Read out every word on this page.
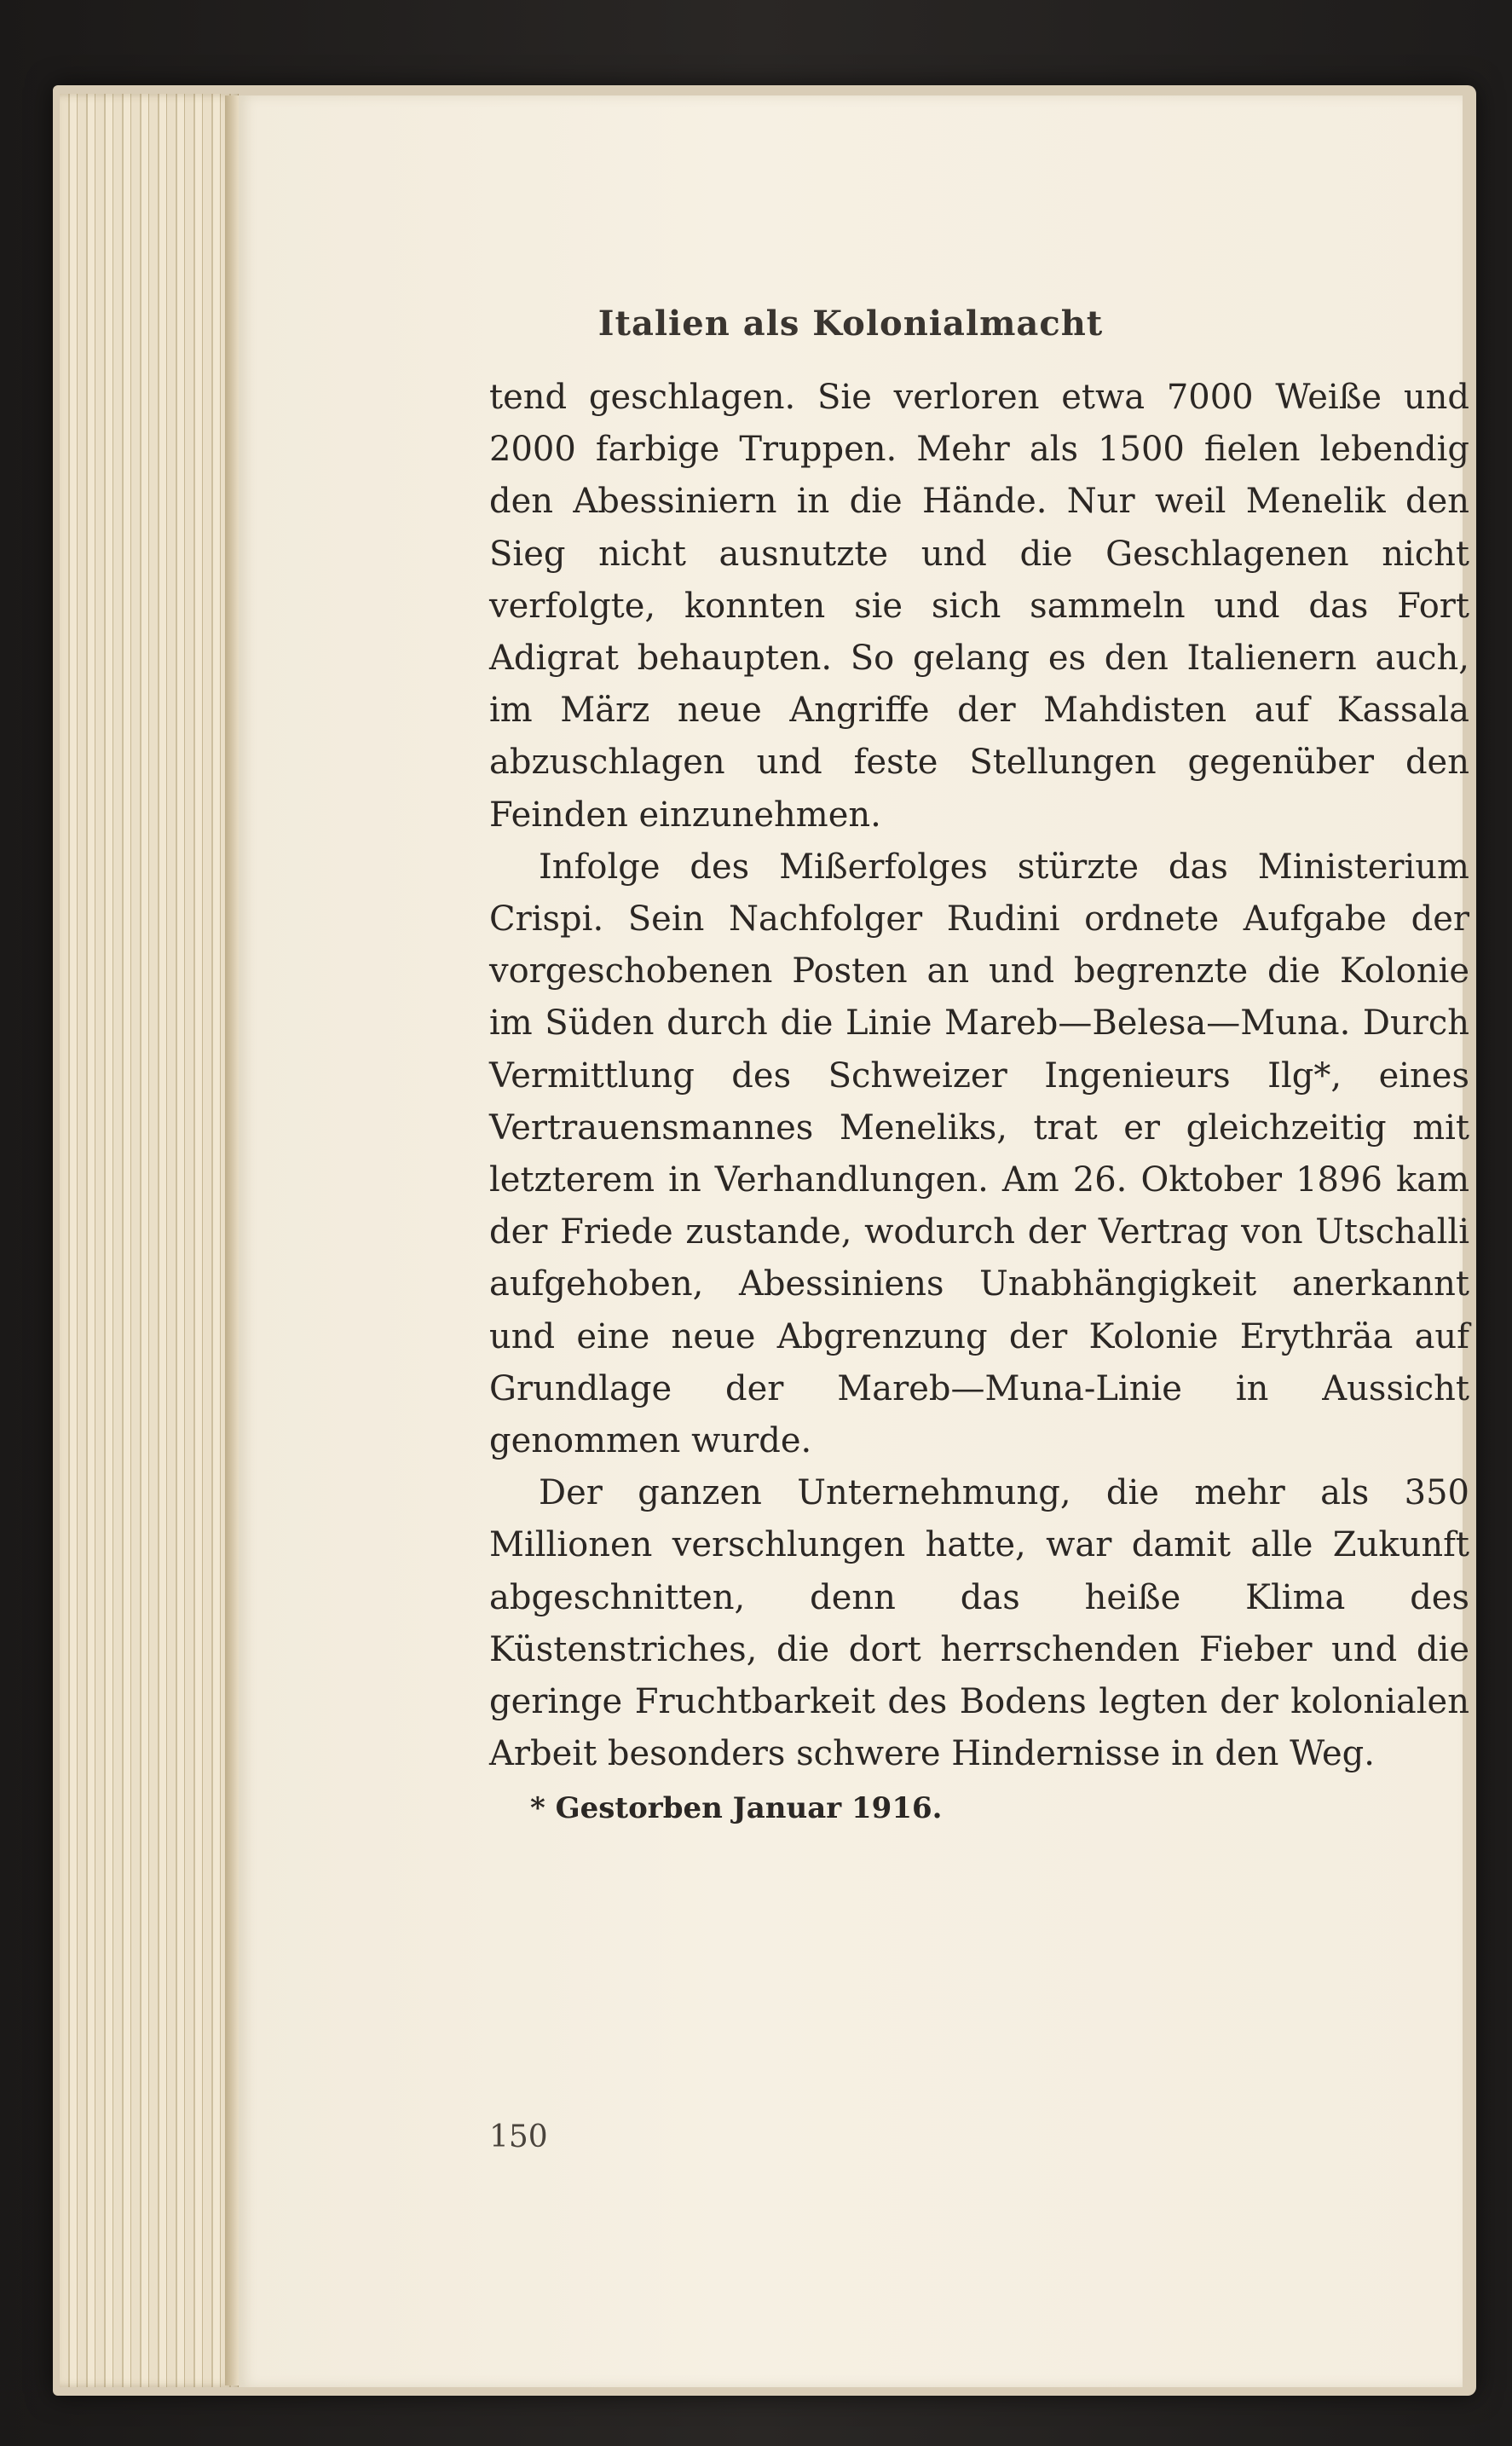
Italien als Kolonialmacht

tend geschlagen. Sie verloren etwa 7000 Weiße und 2000 farbige Truppen. Mehr als 1500 fielen lebendig den Abessiniern in die Hände. Nur weil Menelik den Sieg nicht ausnutzte und die Geschlagenen nicht verfolgte, konnten sie sich sammeln und das Fort Adigrat behaupten. So gelang es den Italienern auch, im März neue Angriffe der Mahdisten auf Kassala abzuschlagen und feste Stellungen gegenüber den Feinden einzunehmen.

Infolge des Mißerfolges stürzte das Ministerium Crispi. Sein Nachfolger Rudini ordnete Aufgabe der vorgeschobenen Posten an und begrenzte die Kolonie im Süden durch die Linie Mareb—Belesa—Muna. Durch Vermittlung des Schweizer Ingenieurs Ilg*, eines Vertrauensmannes Meneliks, trat er gleichzeitig mit letzterem in Verhandlungen. Am 26. Oktober 1896 kam der Friede zustande, wodurch der Vertrag von Utschalli aufgehoben, Abessiniens Unabhängigkeit anerkannt und eine neue Abgrenzung der Kolonie Erythräa auf Grundlage der Mareb—Muna-Linie in Aussicht genommen wurde.

Der ganzen Unternehmung, die mehr als 350 Millionen verschlungen hatte, war damit alle Zukunft abgeschnitten, denn das heiße Klima des Küstenstriches, die dort herrschenden Fieber und die geringe Fruchtbarkeit des Bodens legten der kolonialen Arbeit besonders schwere Hindernisse in den Weg.

* Gestorben Januar 1916.

150
